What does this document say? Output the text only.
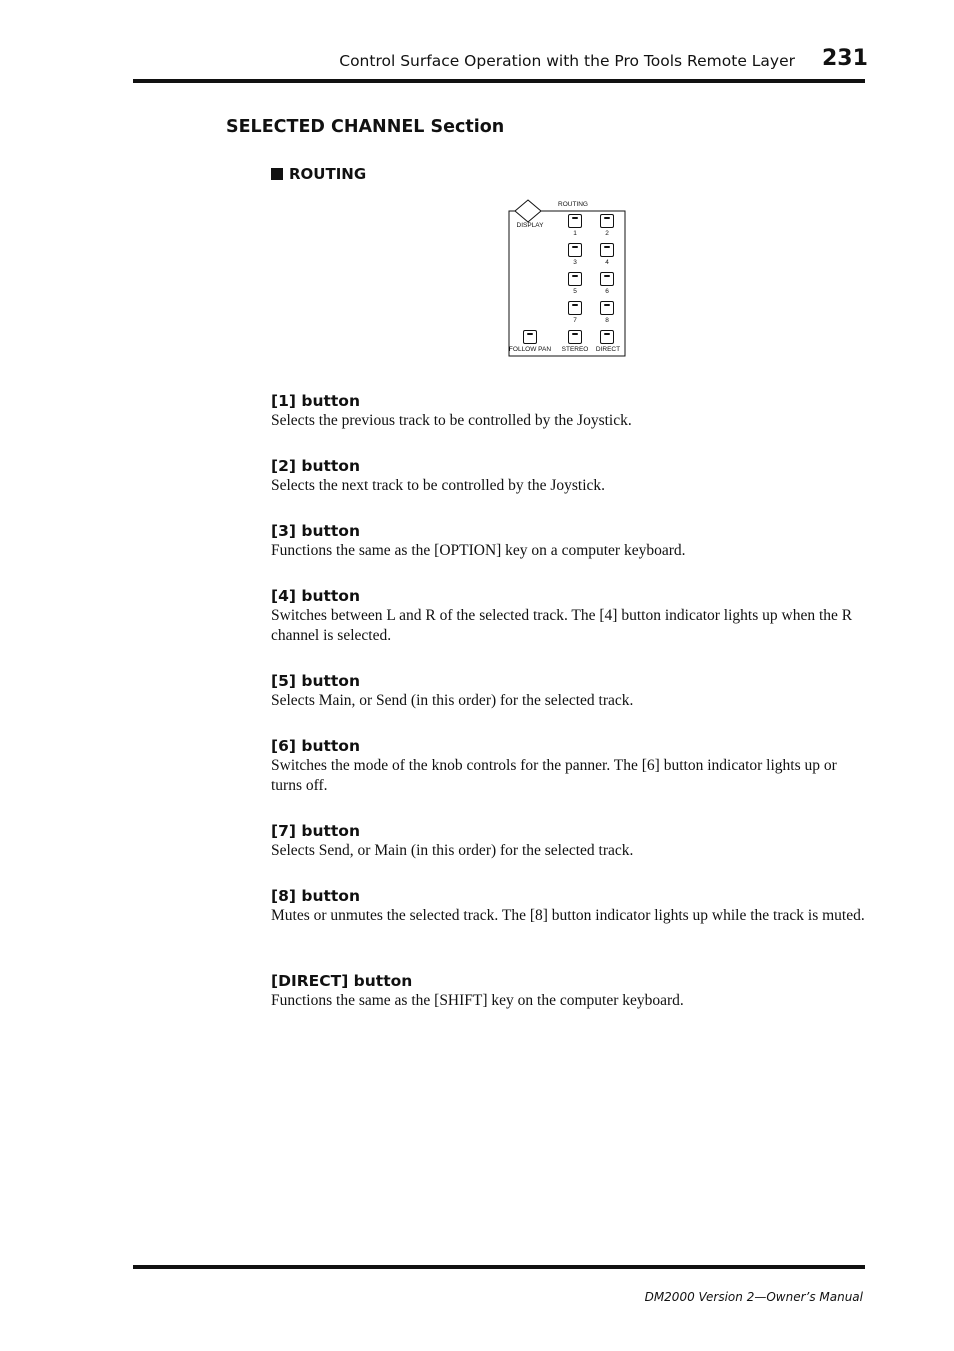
Control Surface Operation with the Pro Tools Remote Layer 231
SELECTED CHANNEL Section
ROUTING
ROUTING
DISPLAY
1	2
3	4
5	6
7	8
FOLLOW PAN STEREO DIRECT
[1] button

Selects the previous track to be controlled by the Joystick.

[2] button

Selects the next track to be controlled by the Joystick.

[3] button

Functions the same as the [OPTION] key on a computer keyboard.

[4] button

Switches between L and R of the selected track. The [4] button indicator lights up when the R channel is selected.

[5] button

Selects Main, or Send (in this order) for the selected track.

[6] button

Switches the mode of the knob controls for the panner. The [6] button indicator lights up or turns off.

[7] button

Selects Send, or Main (in this order) for the selected track.

[8] button

Mutes or unmutes the selected track. The [8] button indicator lights up while the track is muted.

[DIRECT] button

Functions the same as the [SHIFT] key on the computer keyboard.

DM2000 Version 2—Owner’s Manual
